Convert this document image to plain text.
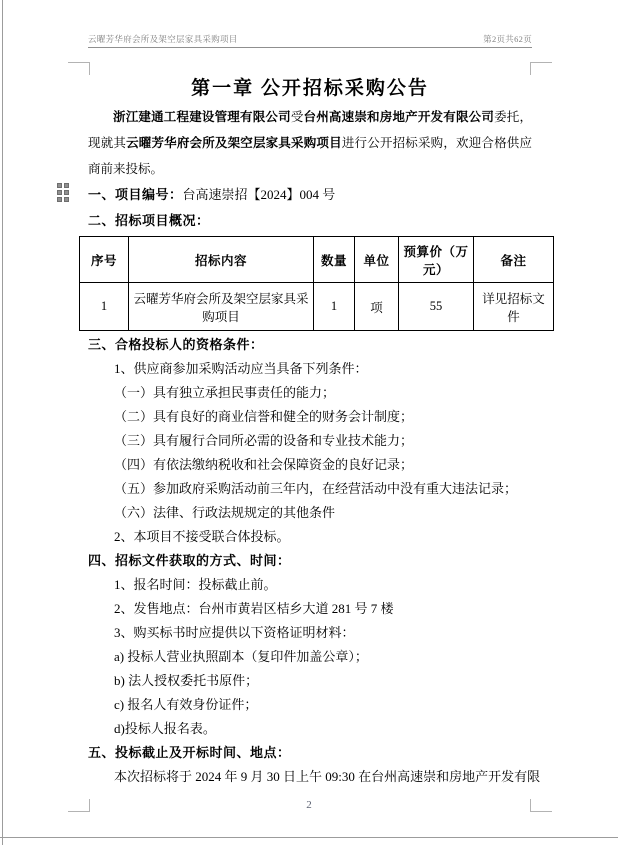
云曜芳华府会所及架空层家具采购项目	第2页共62页
第一章 公开招标采购公告

浙江建通工程建设管理有限公司受台州高速崇和房地产开发有限公司委托，现就其云曜芳华府会所及架空层家具采购项目进行公开招标采购，欢迎合格供应商前来投标。

一、项目编号：台高速崇招【2024】004 号
二、招标项目概况：
序号	招标内容	数量	单位	预算价（万元）	备注
1	云曜芳华府会所及架空层家具采购项目	1	项	55	详见招标文件
三、合格投标人的资格条件：
1、供应商参加采购活动应当具备下列条件：
（一）具有独立承担民事责任的能力；
（二）具有良好的商业信誉和健全的财务会计制度；
（三）具有履行合同所必需的设备和专业技术能力；
（四）有依法缴纳税收和社会保障资金的良好记录；
（五）参加政府采购活动前三年内，在经营活动中没有重大违法记录；
（六）法律、行政法规规定的其他条件
2、本项目不接受联合体投标。
四、招标文件获取的方式、时间：
1、报名时间：投标截止前。
2、发售地点：台州市黄岩区桔乡大道 281 号 7 楼
3、购买标书时应提供以下资格证明材料：
a) 投标人营业执照副本（复印件加盖公章）；
b) 法人授权委托书原件；
c) 报名人有效身份证件；
d)投标人报名表。
五、投标截止及开标时间、地点：
本次招标将于 2024 年 9 月 30 日上午 09:30 在台州高速崇和房地产开发有限
2
